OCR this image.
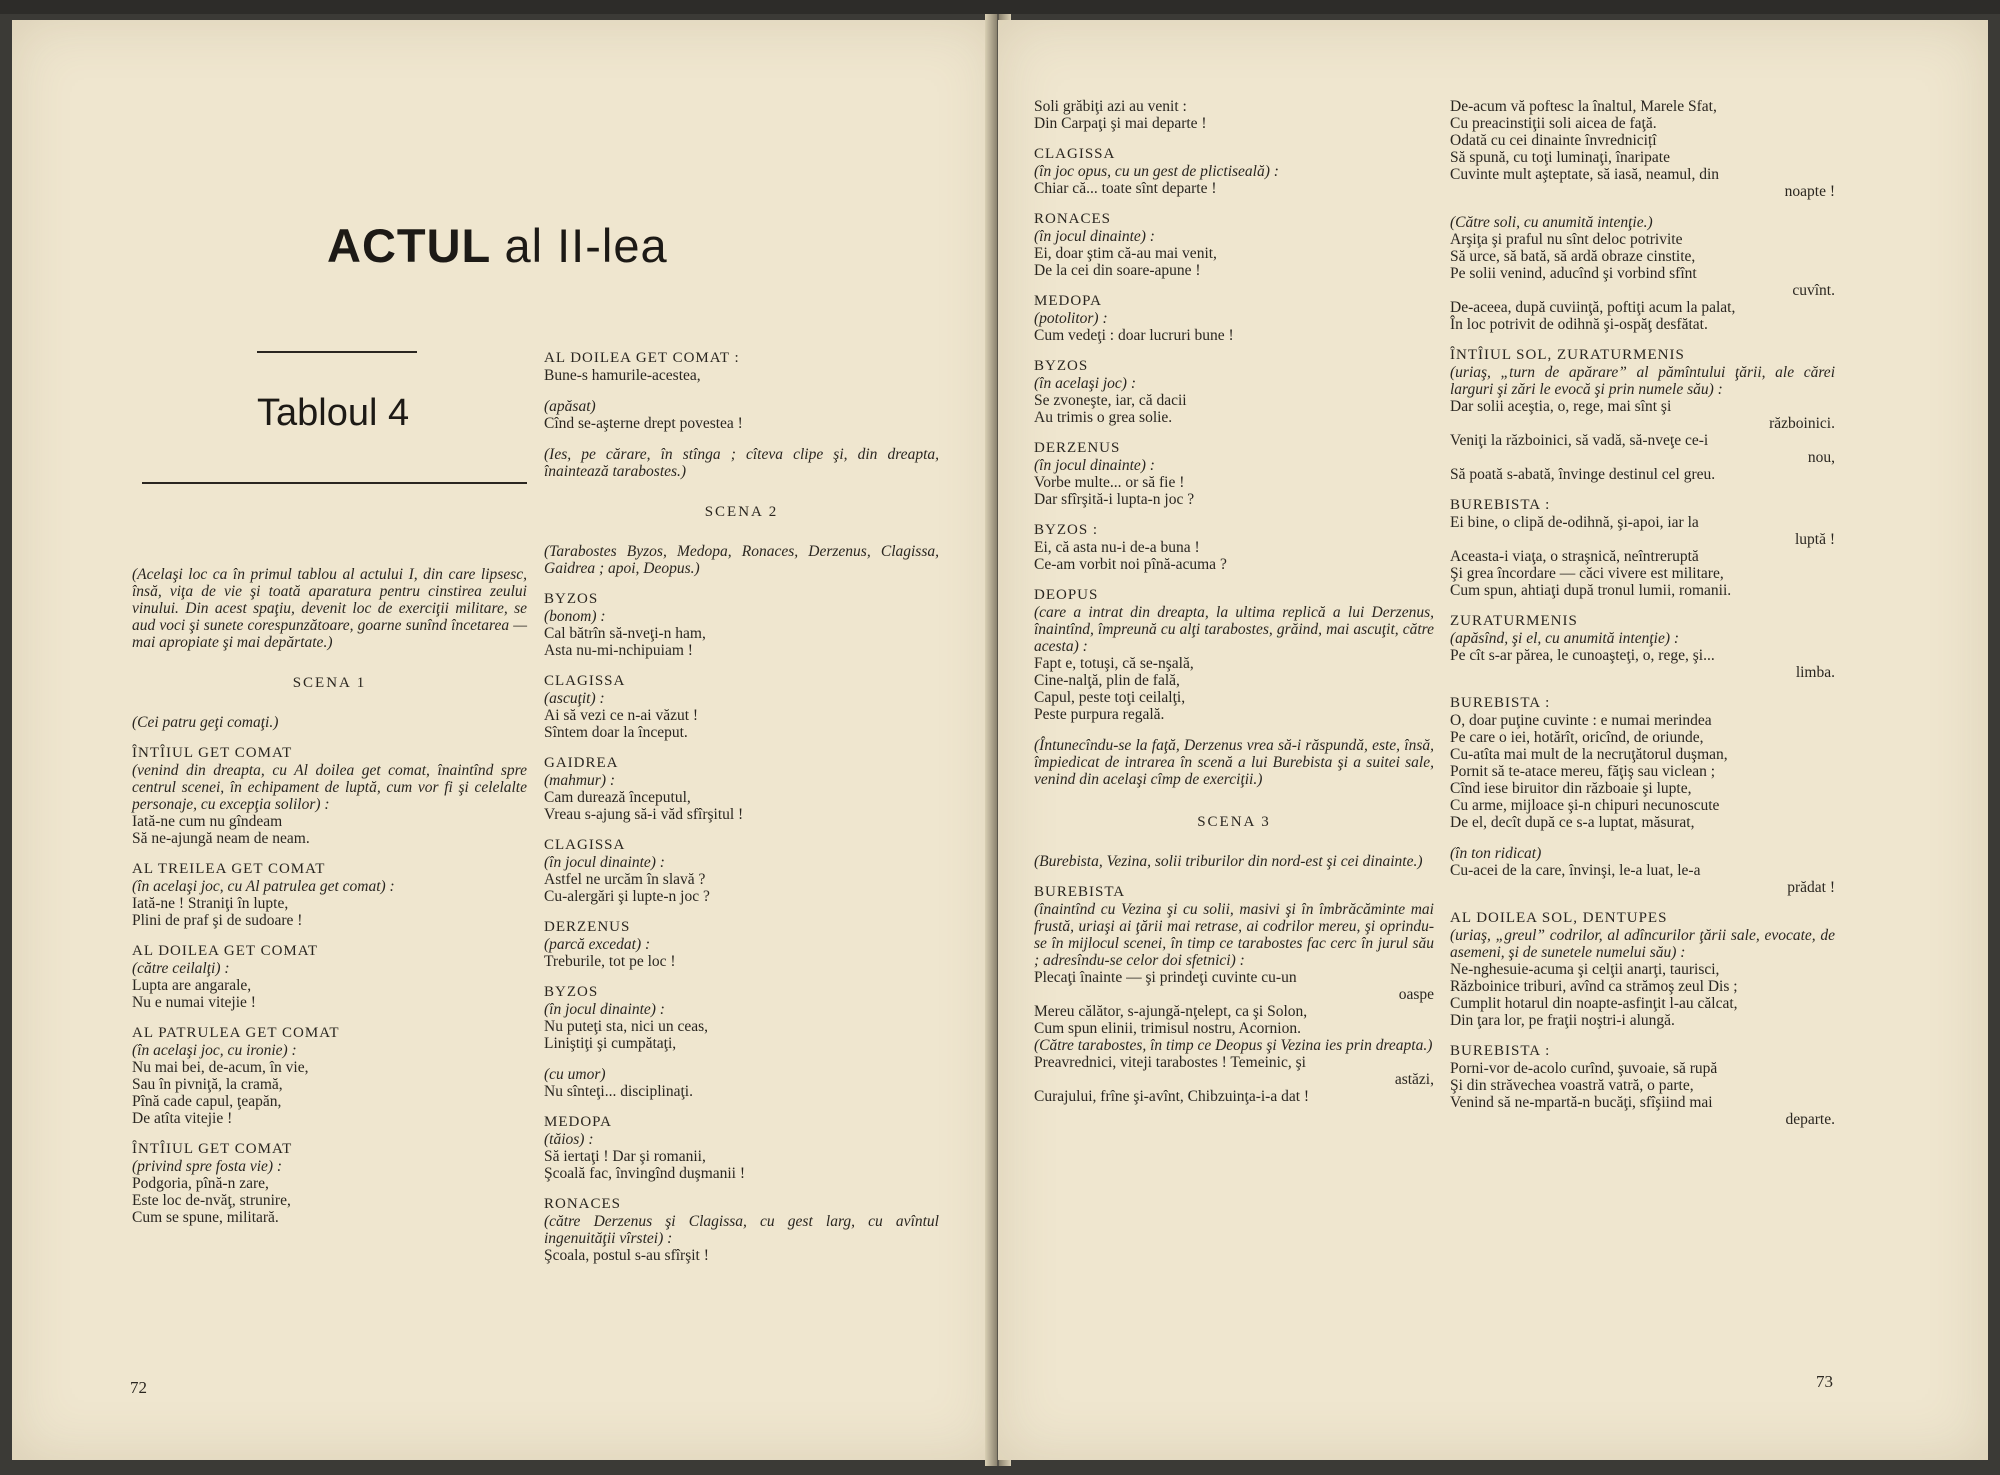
ACTUL al II-lea
Tabloul 4
(Acelaşi loc ca în primul tablou al actului I, din care lipsesc, însă, viţa de vie şi toată aparatura pentru cinstirea zeului vinului. Din acest spaţiu, devenit loc de exerciţii militare, se aud voci şi sunete corespunzătoare, goarne sunînd încetarea — mai apropiate şi mai depărtate.)
SCENA 1
(Cei patru geţi comaţi.)
ÎNTÎIUL GET COMAT
(venind din dreapta, cu Al doilea get comat, înaintînd spre centrul scenei, în echipament de luptă, cum vor fi şi celelalte personaje, cu excepţia solilor) :
Iată-ne cum nu gîndeam
Să ne-ajungă neam de neam.
AL TREILEA GET COMAT
(în acelaşi joc, cu Al patrulea get comat) :
Iată-ne ! Straniţi în lupte,
Plini de praf şi de sudoare !
AL DOILEA GET COMAT
(către ceilalţi) :
Lupta are angarale,
Nu e numai vitejie !
AL PATRULEA GET COMAT
(în acelaşi joc, cu ironie) :
Nu mai bei, de-acum, în vie,
Sau în pivniţă, la cramă,
Pînă cade capul, ţeapăn,
De atîta vitejie !
ÎNTÎIUL GET COMAT
(privind spre fosta vie) :
Podgoria, pînă-n zare,
Este loc de-nvăţ, strunire,
Cum se spune, militară.
AL DOILEA GET COMAT :
Bune-s hamurile-acestea,
(apăsat)
Cînd se-aşterne drept povestea !
(Ies, pe cărare, în stînga ; cîteva clipe şi, din dreapta, înaintează tarabostes.)
SCENA 2
(Tarabostes Byzos, Medopa, Ronaces, Derzenus, Clagissa, Gaidrea ; apoi, Deopus.)
BYZOS
(bonom) :
Cal bătrîn să-nveţi-n ham,
Asta nu-mi-nchipuiam !
CLAGISSA
(ascuţit) :
Ai să vezi ce n-ai văzut !
Sîntem doar la început.
GAIDREA
(mahmur) :
Cam durează începutul,
Vreau s-ajung să-i văd sfîrşitul !
CLAGISSA
(în jocul dinainte) :
Astfel ne urcăm în slavă ?
Cu-alergări şi lupte-n joc ?
DERZENUS
(parcă excedat) :
Treburile, tot pe loc !
BYZOS
(în jocul dinainte) :
Nu puteţi sta, nici un ceas,
Liniştiţi şi cumpătaţi,
(cu umor)
Nu sînteţi... disciplinaţi.
MEDOPA
(tăios) :
Să iertaţi ! Dar şi romanii,
Şcoală fac, învingînd duşmanii !
RONACES
(către Derzenus şi Clagissa, cu gest larg, cu avîntul ingenuităţii vîrstei) :
Şcoala, postul s-au sfîrşit !
72
Soli grăbiţi azi au venit :
Din Carpaţi şi mai departe !
CLAGISSA
(în joc opus, cu un gest de plictiseală) :
Chiar că... toate sînt departe !
RONACES
(în jocul dinainte) :
Ei, doar ştim că-au mai venit,
De la cei din soare-apune !
MEDOPA
(potolitor) :
Cum vedeţi : doar lucruri bune !
BYZOS
(în acelaşi joc) :
Se zvoneşte, iar, că dacii
Au trimis o grea solie.
DERZENUS
(în jocul dinainte) :
Vorbe multe... or să fie !
Dar sfîrşită-i lupta-n joc ?
BYZOS :
Ei, că asta nu-i de-a buna !
Ce-am vorbit noi pînă-acuma ?
DEOPUS
(care a intrat din dreapta, la ultima replică a lui Derzenus, înaintînd, împreună cu alţi tarabostes, grăind, mai ascuţit, către acesta) :
Fapt e, totuşi, că se-nşală,
Cine-nalţă, plin de fală,
Capul, peste toţi ceilalţi,
Peste purpura regală.
(Întunecîndu-se la faţă, Derzenus vrea să-i răspundă, este, însă, împiedicat de intrarea în scenă a lui Burebista şi a suitei sale, venind din acelaşi cîmp de exerciţii.)
SCENA 3
(Burebista, Vezina, solii triburilor din nord-est şi cei dinainte.)
BUREBISTA
(înaintînd cu Vezina şi cu solii, masivi şi în îmbrăcăminte mai frustă, uriaşi ai ţării mai retrase, ai codrilor mereu, şi oprindu-se în mijlocul scenei, în timp ce tarabostes fac cerc în jurul său ; adresîndu-se celor doi sfetnici) :
Plecaţi înainte — şi prindeţi cuvinte cu-un
oaspe
Mereu călător, s-ajungă-nţelept, ca şi Solon,
Cum spun elinii, trimisul nostru, Acornion.
(Către tarabostes, în timp ce Deopus şi Vezina ies prin dreapta.)
Preavrednici, viteji tarabostes ! Temeinic, şi
astăzi,
Curajului, frîne şi-avînt, Chibzuinţa-i-a dat !
De-acum vă poftesc la înaltul, Marele Sfat,
Cu preacinstiţii soli aicea de faţă.
Odată cu cei dinainte învrednicițî
Să spună, cu toţi luminaţi, înaripate
Cuvinte mult aşteptate, să iasă, neamul, din
noapte !
(Către soli, cu anumită intenţie.)
Arşiţa şi praful nu sînt deloc potrivite
Să urce, să bată, să ardă obraze cinstite,
Pe solii venind, aducînd şi vorbind sfînt
cuvînt.
De-aceea, după cuviinţă, poftiţi acum la palat,
În loc potrivit de odihnă şi-ospăţ desfătat.
ÎNTÎIUL SOL, ZURATURMENIS
(uriaş, „turn de apărare” al pămîntului ţării, ale cărei larguri şi zări le evocă şi prin numele său) :
Dar solii aceştia, o, rege, mai sînt şi
războinici.
Veniţi la războinici, să vadă, să-nveţe ce-i
nou,
Să poată s-abată, învinge destinul cel greu.
BUREBISTA :
Ei bine, o clipă de-odihnă, şi-apoi, iar la
luptă !
Aceasta-i viaţa, o straşnică, neîntreruptă
Şi grea încordare — căci vivere est militare,
Cum spun, ahtiaţi după tronul lumii, romanii.
ZURATURMENIS
(apăsînd, şi el, cu anumită intenţie) :
Pe cît s-ar părea, le cunoaşteţi, o, rege, şi...
limba.
BUREBISTA :
O, doar puţine cuvinte : e numai merindea
Pe care o iei, hotărît, oricînd, de oriunde,
Cu-atîta mai mult de la necruţătorul duşman,
Pornit să te-atace mereu, făţiş sau viclean ;
Cînd iese biruitor din războaie şi lupte,
Cu arme, mijloace şi-n chipuri necunoscute
De el, decît după ce s-a luptat, măsurat,
(în ton ridicat)
Cu-acei de la care, învinşi, le-a luat, le-a
prădat !
AL DOILEA SOL, DENTUPES
(uriaş, „greul” codrilor, al adîncurilor ţării sale, evocate, de asemeni, şi de sunetele numelui său) :
Ne-nghesuie-acuma şi celţii anarţi, taurisci,
Războinice triburi, avînd ca strămoş zeul Dis ;
Cumplit hotarul din noapte-asfinţit l-au călcat,
Din ţara lor, pe fraţii noştri-i alungă.
BUREBISTA :
Porni-vor de-acolo curînd, şuvoaie, să rupă
Şi din străvechea voastră vatră, o parte,
Venind să ne-mpartă-n bucăţi, sfîşiind mai
departe.
73
